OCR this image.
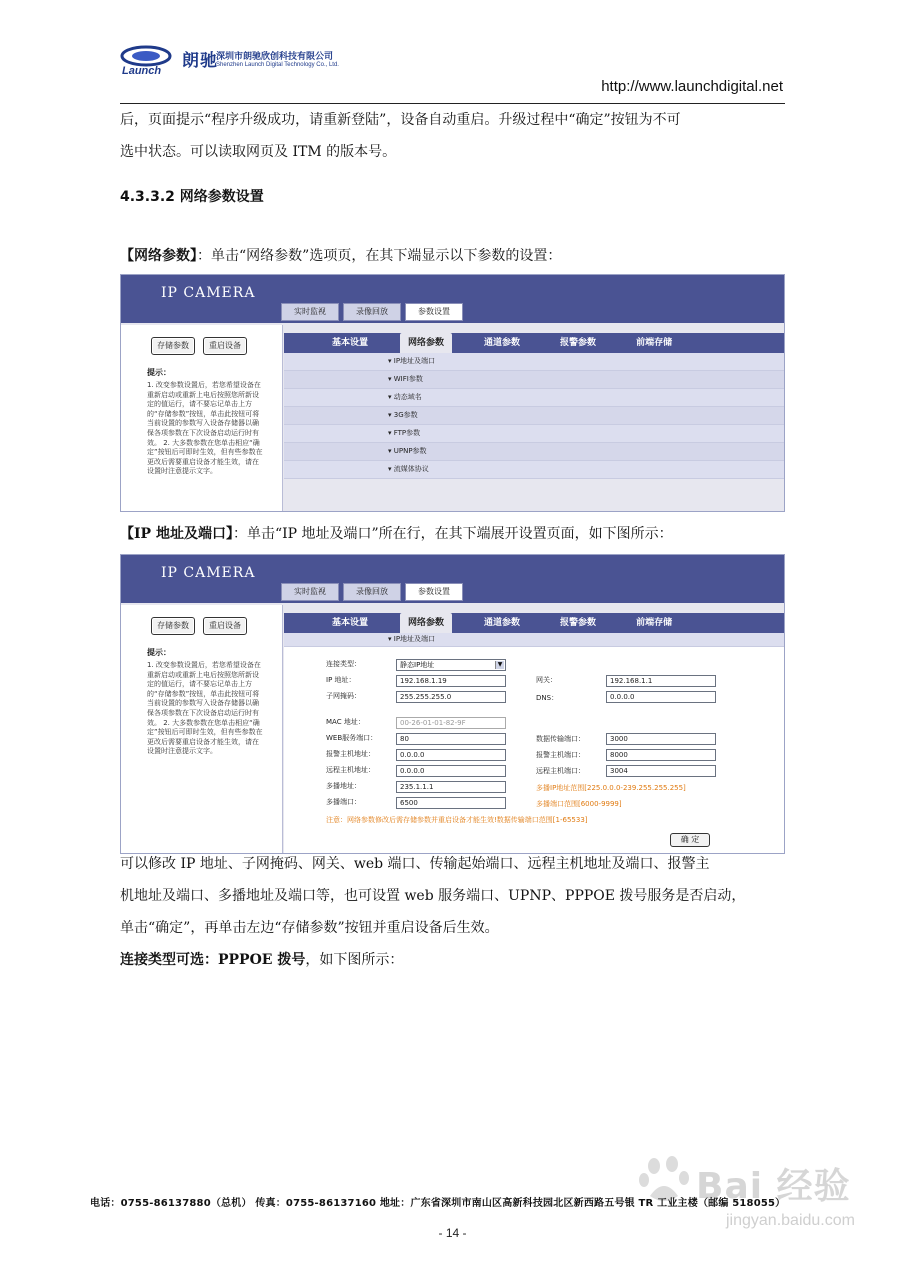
Launch 朗驰
深圳市朗驰欣创科技有限公司
Shenzhen Launch Digital Technology Co., Ltd.
http://www.launchdigital.net
后，页面提示“程序升级成功，请重新登陆”，设备自动重启。升级过程中“确定”按钮为不可
选中状态。可以读取网页及 ITM 的版本号。
4.3.3.2 网络参数设置
【网络参数】：单击“网络参数”选项页，在其下端显示以下参数的设置：
IP CAMERA
实时监视	录像回放	参数设置
存储参数	重启设备
提示：
1. 改变参数设置后，若您希望设备在重新启动或重新上电后按照您所新设定的值运行，请不要忘记单击上方的“存储参数”按钮，单击此按钮可将当前设置的参数写入设备存储器以确保各项参数在下次设备启动运行时有效。 2. 大多数参数在您单击相应“确定”按钮后可即时生效，但有些参数在更改后需要重启设备才能生效，请在设置时注意提示文字。
基本设置	网络参数	通道参数	报警参数	前端存储
▾ IP地址及端口
▾ WIFI参数
▾ 动态域名
▾ 3G参数
▾ FTP参数
▾ UPNP参数
▾ 流媒体协议
【IP 地址及端口】：单击“IP 地址及端口”所在行，在其下端展开设置页面，如下图所示：
IP CAMERA
实时监视	录像回放	参数设置
存储参数	重启设备
提示：
1. 改变参数设置后，若您希望设备在重新启动或重新上电后按照您所新设定的值运行，请不要忘记单击上方的“存储参数”按钮，单击此按钮可将当前设置的参数写入设备存储器以确保各项参数在下次设备启动运行时有效。 2. 大多数参数在您单击相应“确定”按钮后可即时生效，但有些参数在更改后需要重启设备才能生效，请在设置时注意提示文字。
基本设置	网络参数	通道参数	报警参数	前端存储
▾ IP地址及端口
连接类型：	静态IP地址	▼
IP 地址：	192.168.1.19	网关：	192.168.1.1
子网掩码：	255.255.255.0	DNS：	0.0.0.0
MAC 地址：	00-26-01-01-82-9F
WEB服务端口：	80	数据传输端口：	3000
报警主机地址：	0.0.0.0	报警主机端口：	8000
远程主机地址：	0.0.0.0	远程主机端口：	3004
多播地址：	235.1.1.1	多播IP地址范围[225.0.0.0-239.255.255.255]
多播端口：	6500	多播端口范围[6000-9999]
注意：网络参数修改后需存储参数并重启设备才能生效!数据传输端口范围[1-65533]
确 定
可以修改 IP 地址、子网掩码、网关、web 端口、传输起始端口、远程主机地址及端口、报警主
机地址及端口、多播地址及端口等，也可设置 web 服务端口、UPNP、PPPOE 拨号服务是否启动，
单击“确定”，再单击左边“存储参数”按钮并重启设备后生效。
连接类型可选：PPPOE 拨号，如下图所示：
Bai 经验
jingyan.baidu.com
电话：0755-86137880（总机） 传真：0755-86137160 地址：广东省深圳市南山区高新科技园北区新西路五号银 TR 工业主楼（邮编 518055）
- 14 -
